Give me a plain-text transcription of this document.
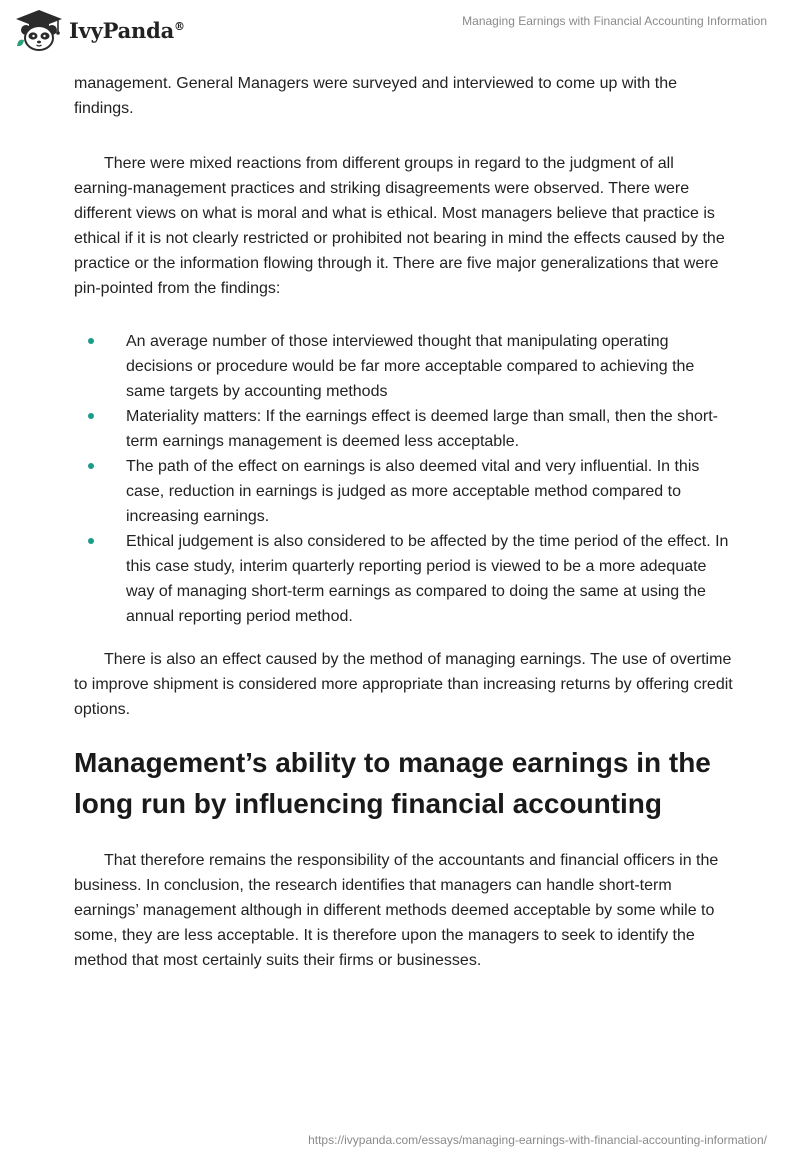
IvyPanda®	Managing Earnings with Financial Accounting Information

management. General Managers were surveyed and interviewed to come up with the findings.

There were mixed reactions from different groups in regard to the judgment of all earning-management practices and striking disagreements were observed. There were different views on what is moral and what is ethical. Most managers believe that practice is ethical if it is not clearly restricted or prohibited not bearing in mind the effects caused by the practice or the information flowing through it. There are five major generalizations that were pin-pointed from the findings:

An average number of those interviewed thought that manipulating operating decisions or procedure would be far more acceptable compared to achieving the same targets by accounting methods
Materiality matters: If the earnings effect is deemed large than small, then the short-term earnings management is deemed less acceptable.
The path of the effect on earnings is also deemed vital and very influential. In this case, reduction in earnings is judged as more acceptable method compared to increasing earnings.
Ethical judgement is also considered to be affected by the time period of the effect. In this case study, interim quarterly reporting period is viewed to be a more adequate way of managing short-term earnings as compared to doing the same at using the annual reporting period method.

There is also an effect caused by the method of managing earnings. The use of overtime to improve shipment is considered more appropriate than increasing returns by offering credit options.

Management’s ability to manage earnings in the long run by influencing financial accounting

That therefore remains the responsibility of the accountants and financial officers in the business. In conclusion, the research identifies that managers can handle short-term earnings’ management although in different methods deemed acceptable by some while to some, they are less acceptable. It is therefore upon the managers to seek to identify the method that most certainly suits their firms or businesses.

https://ivypanda.com/essays/managing-earnings-with-financial-accounting-information/
